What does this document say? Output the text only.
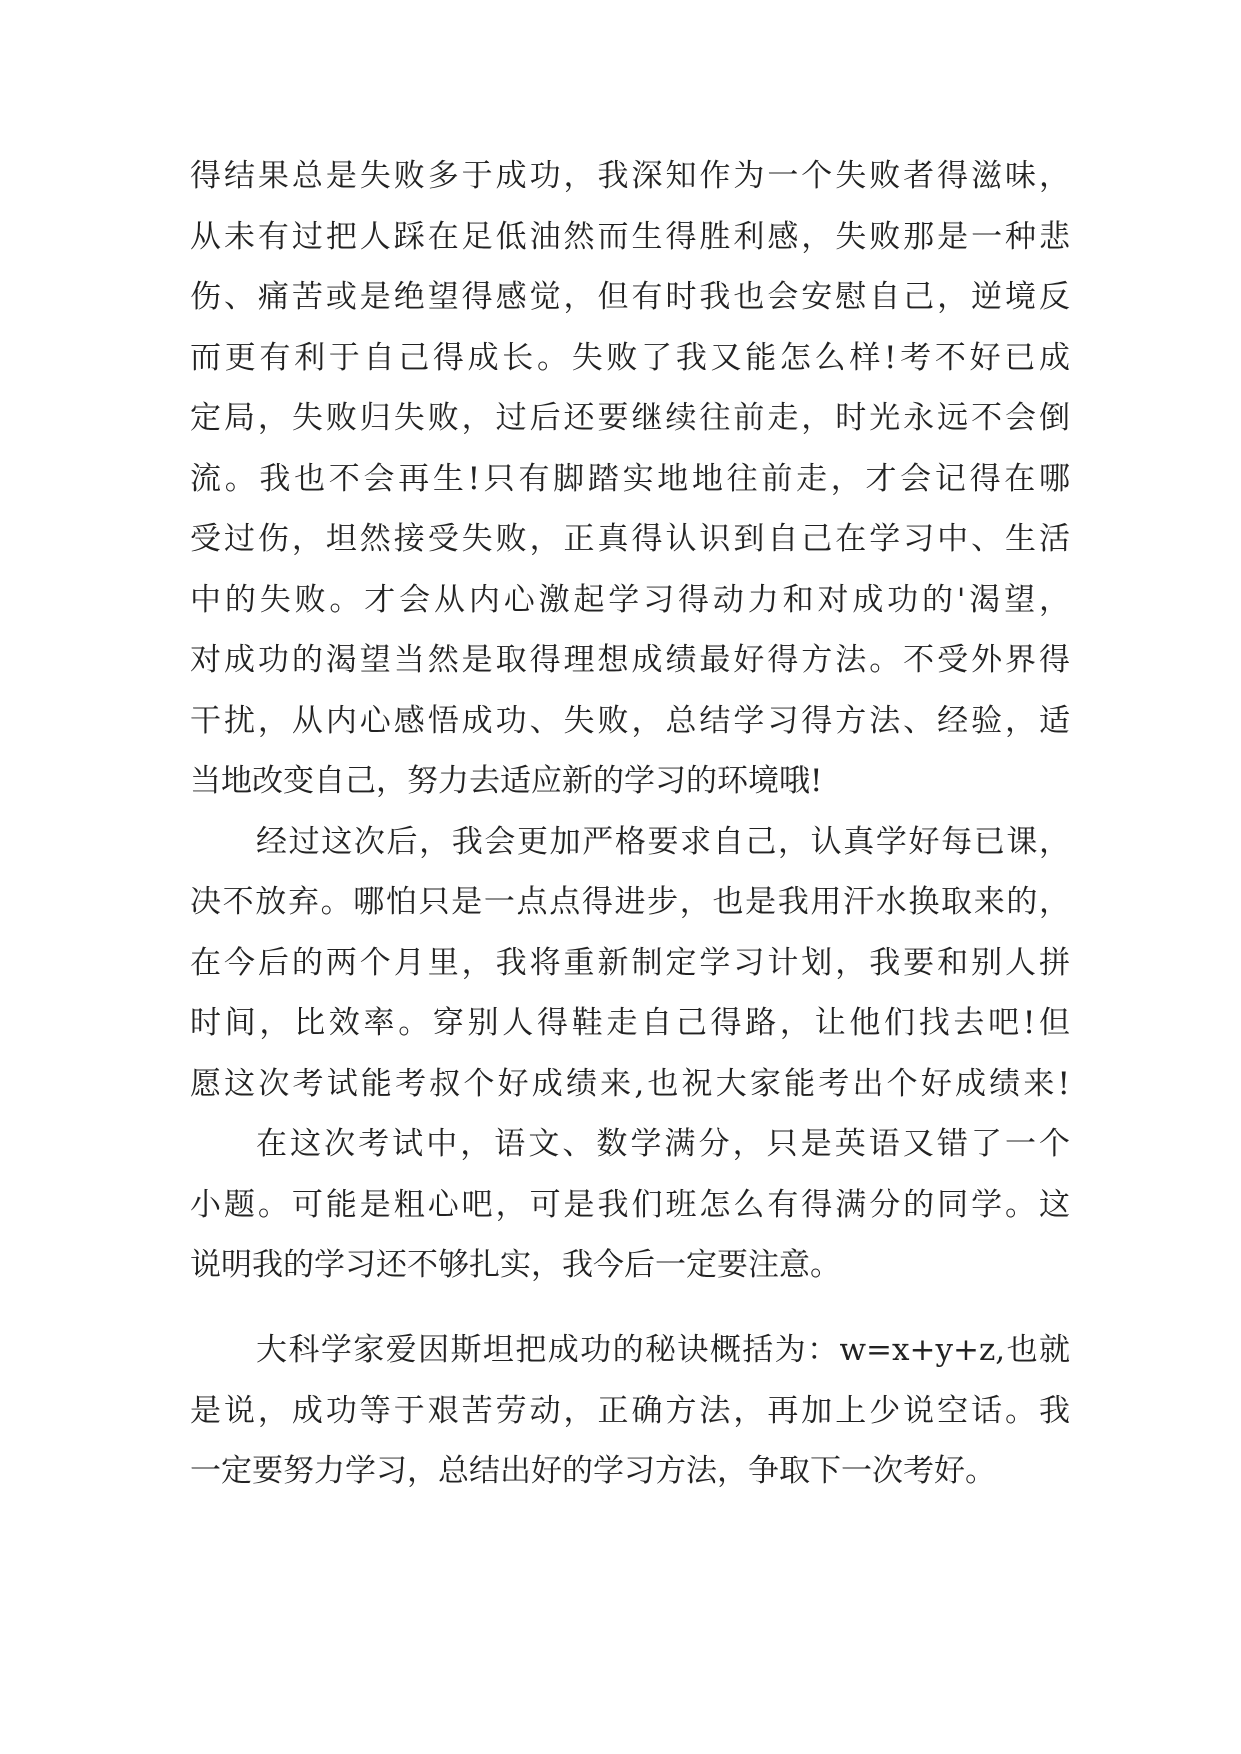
得结果总是失败多于成功，我深知作为一个失败者得滋味，
从未有过把人踩在足低油然而生得胜利感，失败那是一种悲
伤、痛苦或是绝望得感觉，但有时我也会安慰自己，逆境反
而更有利于自己得成长。失败了我又能怎么样!考不好已成
定局，失败归失败，过后还要继续往前走，时光永远不会倒
流。我也不会再生!只有脚踏实地地往前走，才会记得在哪
受过伤，坦然接受失败，正真得认识到自己在学习中、生活
中的失败。才会从内心激起学习得动力和对成功的'渴望，
对成功的渴望当然是取得理想成绩最好得方法。不受外界得
干扰，从内心感悟成功、失败，总结学习得方法、经验，适
当地改变自己，努力去适应新的学习的环境哦!
经过这次后，我会更加严格要求自己，认真学好每已课，
决不放弃。哪怕只是一点点得进步，也是我用汗水换取来的，
在今后的两个月里，我将重新制定学习计划，我要和别人拼
时间，比效率。穿别人得鞋走自己得路，让他们找去吧!但
愿这次考试能考叔个好成绩来,也祝大家能考出个好成绩来!
在这次考试中，语文、数学满分，只是英语又错了一个
小题。可能是粗心吧，可是我们班怎么有得满分的同学。这
说明我的学习还不够扎实，我今后一定要注意。
大科学家爱因斯坦把成功的秘诀概括为：w=x+y+z,也就
是说，成功等于艰苦劳动，正确方法，再加上少说空话。我
一定要努力学习，总结出好的学习方法，争取下一次考好。
